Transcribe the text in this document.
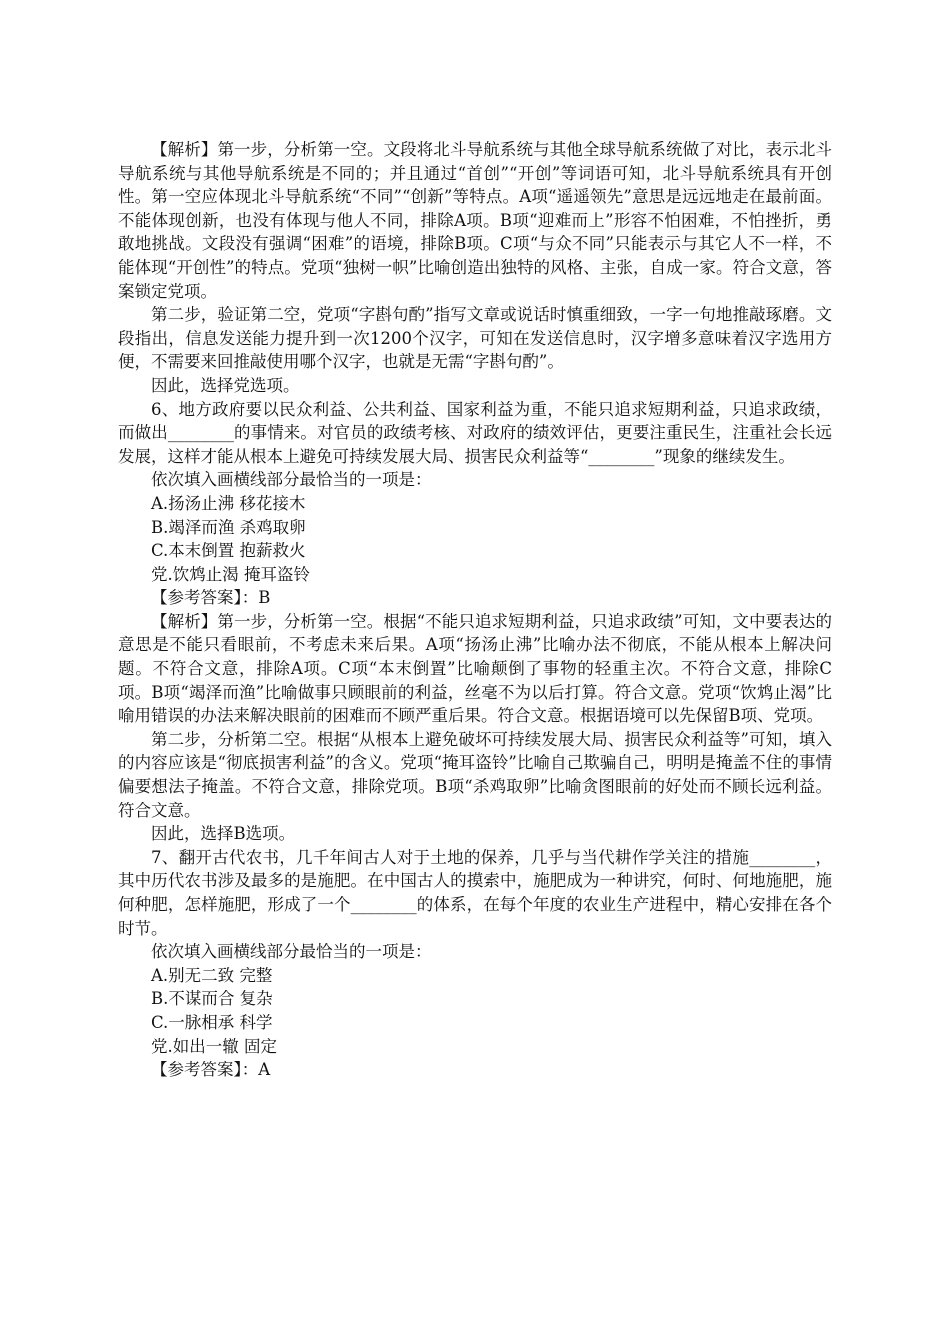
【解析】第一步，分析第一空。文段将北斗导航系统与其他全球导航系统做了对比，表示北斗导航系统与其他导航系统是不同的；并且通过“首创”“开创”等词语可知，北斗导航系统具有开创性。第一空应体现北斗导航系统“不同”“创新”等特点。A项“遥遥领先”意思是远远地走在最前面。不能体现创新，也没有体现与他人不同，排除A项。B项“迎难而上”形容不怕困难，不怕挫折，勇敢地挑战。文段没有强调“困难”的语境，排除B项。C项“与众不同”只能表示与其它人不一样，不能体现“开创性”的特点。党项“独树一帜”比喻创造出独特的风格、主张，自成一家。符合文意，答案锁定党项。

第二步，验证第二空，党项“字斟句酌”指写文章或说话时慎重细致，一字一句地推敲琢磨。文段指出，信息发送能力提升到一次1200个汉字，可知在发送信息时，汉字增多意味着汉字选用方便，不需要来回推敲使用哪个汉字，也就是无需“字斟句酌”。

因此，选择党选项。

6、地方政府要以民众利益、公共利益、国家利益为重，不能只追求短期利益，只追求政绩，而做出________的事情来。对官员的政绩考核、对政府的绩效评估，更要注重民生，注重社会长远发展，这样才能从根本上避免可持续发展大局、损害民众利益等“________”现象的继续发生。

依次填入画横线部分最恰当的一项是：

A.扬汤止沸 移花接木

B.竭泽而渔 杀鸡取卵

C.本末倒置 抱薪救火

党.饮鸩止渴 掩耳盗铃

【参考答案】：B

【解析】第一步，分析第一空。根据“不能只追求短期利益，只追求政绩”可知，文中要表达的意思是不能只看眼前，不考虑未来后果。A项“扬汤止沸”比喻办法不彻底，不能从根本上解决问题。不符合文意，排除A项。C项“本末倒置”比喻颠倒了事物的轻重主次。不符合文意，排除C项。B项“竭泽而渔”比喻做事只顾眼前的利益，丝毫不为以后打算。符合文意。党项“饮鸩止渴”比喻用错误的办法来解决眼前的困难而不顾严重后果。符合文意。根据语境可以先保留B项、党项。

第二步，分析第二空。根据“从根本上避免破坏可持续发展大局、损害民众利益等”可知，填入的内容应该是“彻底损害利益”的含义。党项“掩耳盗铃”比喻自己欺骗自己，明明是掩盖不住的事情偏要想法子掩盖。不符合文意，排除党项。B项“杀鸡取卵”比喻贪图眼前的好处而不顾长远利益。符合文意。

因此，选择B选项。

7、翻开古代农书，几千年间古人对于土地的保养，几乎与当代耕作学关注的措施________，其中历代农书涉及最多的是施肥。在中国古人的摸索中，施肥成为一种讲究，何时、何地施肥，施何种肥，怎样施肥，形成了一个________的体系，在每个年度的农业生产进程中，精心安排在各个时节。

依次填入画横线部分最恰当的一项是：

A.别无二致 完整

B.不谋而合 复杂

C.一脉相承 科学

党.如出一辙 固定

【参考答案】：A
